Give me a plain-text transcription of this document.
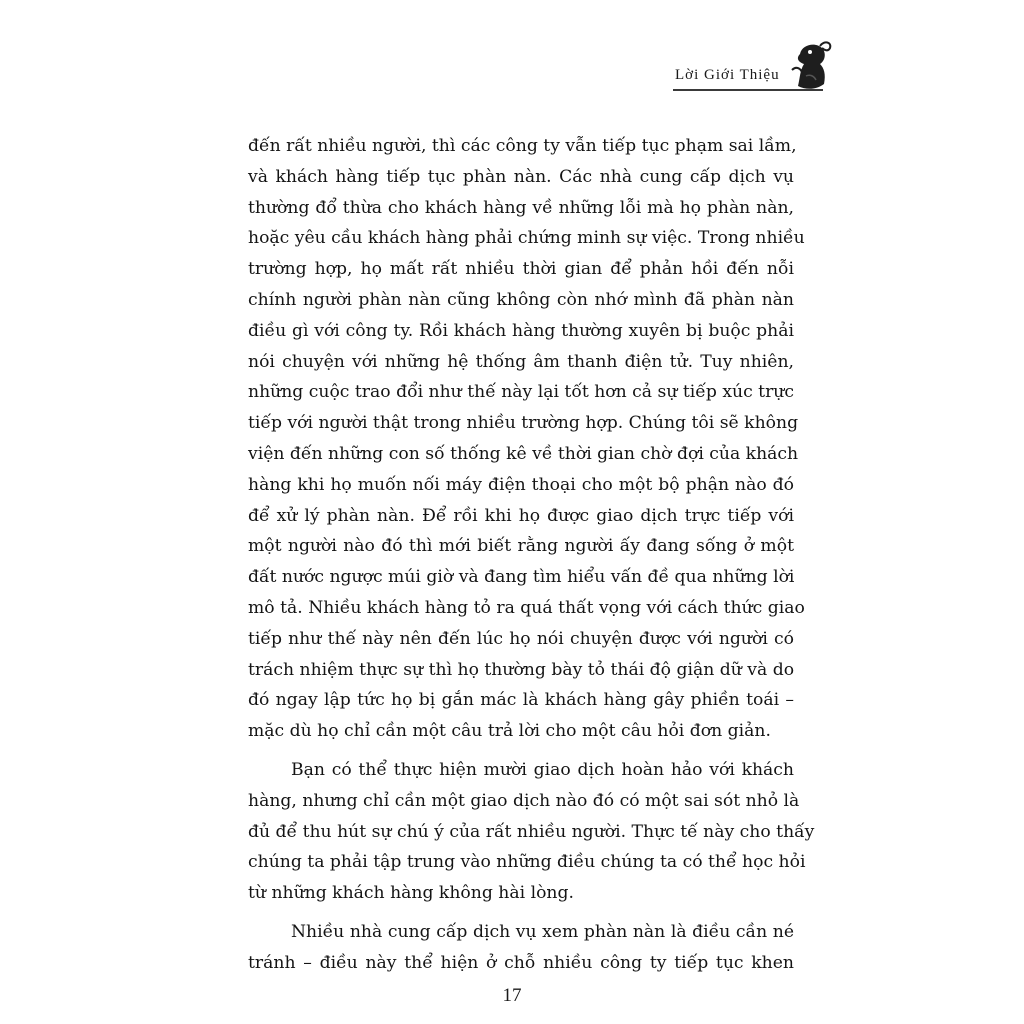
Lời Giới Thiệu
đến rất nhiều người, thì các công ty vẫn tiếp tục phạm sai lầm,
và khách hàng tiếp tục phàn nàn. Các nhà cung cấp dịch vụ
thường đổ thừa cho khách hàng về những lỗi mà họ phàn nàn,
hoặc yêu cầu khách hàng phải chứng minh sự việc. Trong nhiều
trường hợp, họ mất rất nhiều thời gian để phản hồi đến nỗi
chính người phàn nàn cũng không còn nhớ mình đã phàn nàn
điều gì với công ty. Rồi khách hàng thường xuyên bị buộc phải
nói chuyện với những hệ thống âm thanh điện tử. Tuy nhiên,
những cuộc trao đổi như thế này lại tốt hơn cả sự tiếp xúc trực
tiếp với người thật trong nhiều trường hợp. Chúng tôi sẽ không
viện đến những con số thống kê về thời gian chờ đợi của khách
hàng khi họ muốn nối máy điện thoại cho một bộ phận nào đó
để xử lý phàn nàn. Để rồi khi họ được giao dịch trực tiếp với
một người nào đó thì mới biết rằng người ấy đang sống ở một
đất nước ngược múi giờ và đang tìm hiểu vấn đề qua những lời
mô tả. Nhiều khách hàng tỏ ra quá thất vọng với cách thức giao
tiếp như thế này nên đến lúc họ nói chuyện được với người có
trách nhiệm thực sự thì họ thường bày tỏ thái độ giận dữ và do
đó ngay lập tức họ bị gắn mác là khách hàng gây phiền toái –
mặc dù họ chỉ cần một câu trả lời cho một câu hỏi đơn giản.
Bạn có thể thực hiện mười giao dịch hoàn hảo với khách
hàng, nhưng chỉ cần một giao dịch nào đó có một sai sót nhỏ là
đủ để thu hút sự chú ý của rất nhiều người. Thực tế này cho thấy
chúng ta phải tập trung vào những điều chúng ta có thể học hỏi
từ những khách hàng không hài lòng.
Nhiều nhà cung cấp dịch vụ xem phàn nàn là điều cần né
tránh – điều này thể hiện ở chỗ nhiều công ty tiếp tục khen
17
